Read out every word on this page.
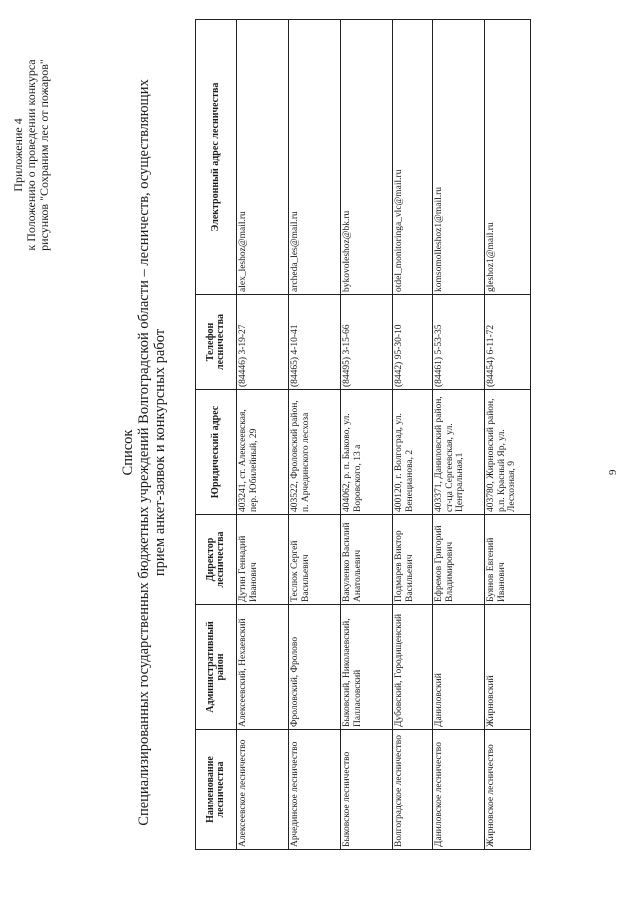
Приложение 4 к Положению о проведении конкурса рисунков "Сохраним лес от пожаров"
Список Специализированных государственных бюджетных учреждений Волгоградской области – лесничеств, осуществляющих прием анкет-заявок и конкурсных работ
Наименование лесничества	Административный район	Директор лесничества	Юридический адрес	Телефон лесничества	Электронный адрес лесничества
Алексеевское лесничество	Алексеевский, Нехаевский	Дутин Геннадий Иванович	403241, ст. Алексеевская, пер. Юбилейный, 29	(84446) 3-19-27	alex_leshoz@mail.ru
Арчединское лесничество	Фроловский, Фролово	Теслюк Сергей Васильевич	403522, Фроловский район, п. Арчединского лесхоза	(84465) 4-10-41	archeda_les@mail.ru
Быковское лесничество	Быковский, Николаевский, Палласовский	Вакуленко Василий Анатольевич	404062, р. п. Быково, ул. Воровского, 13 а	(84495) 3-15-66	bykovoleshoz@bk.ru
Волгоградское лесничество	Дубовский, Городищенский	Подмарев Виктор Васильевич	400120, г. Волгоград, ул. Венецианова, 2	(8442) 95-30-10	otdel_monitoringa_vlc@mail.ru
Даниловское лесничество	Даниловский	Ефремов Григорий Владимирович	403371, Даниловский район, ст-ца Сергеевская, ул. Центральная,1	(84461) 5-53-35	komsomolleshoz1@mail.ru
Жирновское лесничество	Жирновский	Буянов Евгений Иванович	403780, Жирновский район, р.п. Красный Яр, ул. Лесхозная, 9	(84454) 6-11-72	gleshoz1@mail.ru
9
